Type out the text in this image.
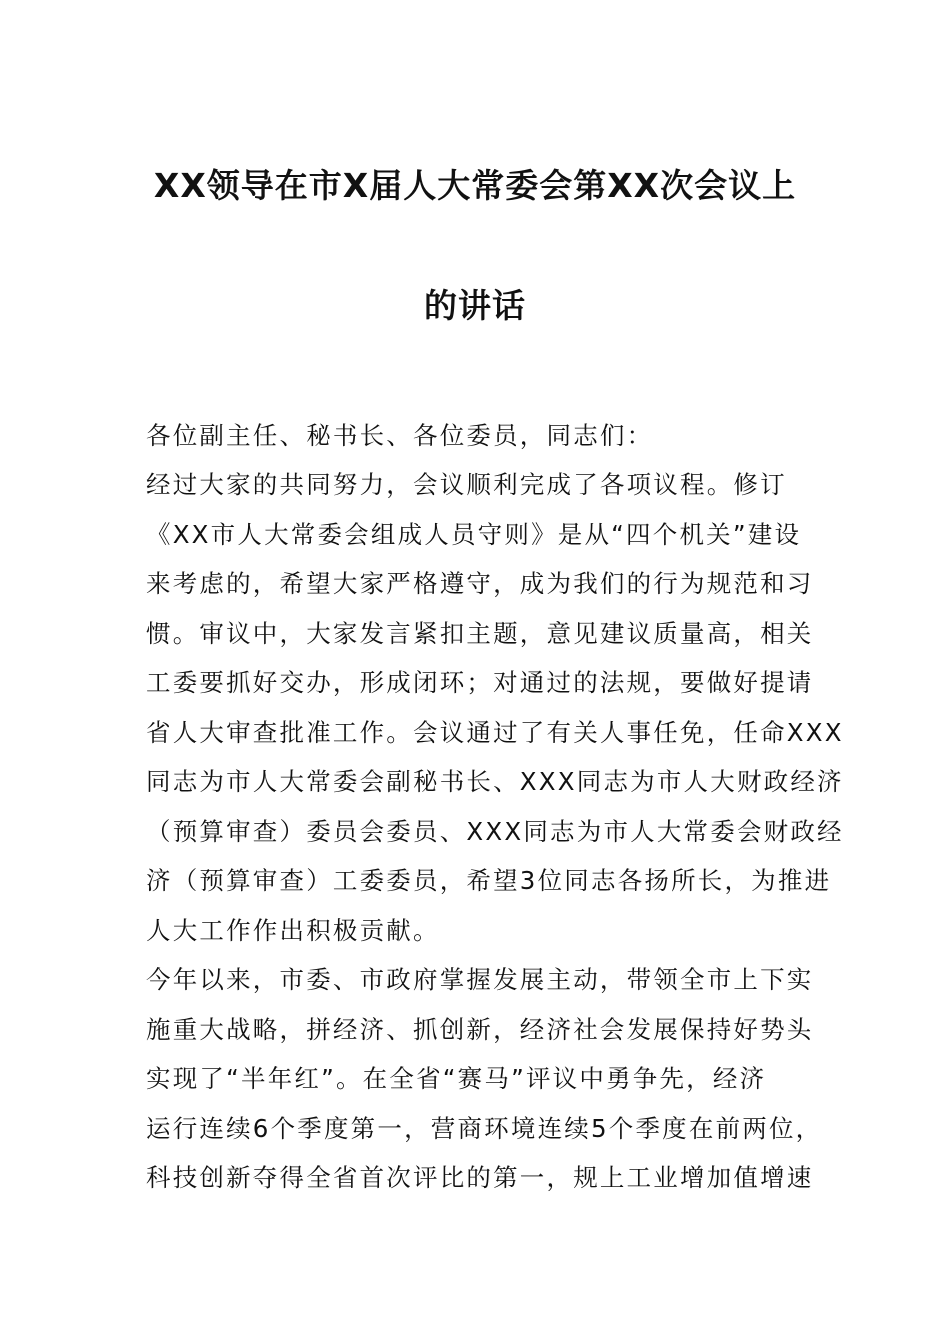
XX领导在市X届人大常委会第XX次会议上
的讲话

各位副主任、秘书长、各位委员，同志们：

经过大家的共同努力，会议顺利完成了各项议程。修订

《XX市人大常委会组成人员守则》是从“四个机关”建设

来考虑的，希望大家严格遵守，成为我们的行为规范和习

惯。审议中，大家发言紧扣主题，意见建议质量高，相关

工委要抓好交办，形成闭环；对通过的法规，要做好提请

省人大审查批准工作。会议通过了有关人事任免，任命XXX

同志为市人大常委会副秘书长、XXX同志为市人大财政经济

（预算审查）委员会委员、XXX同志为市人大常委会财政经

济（预算审查）工委委员，希望3位同志各扬所长，为推进

人大工作作出积极贡献。

今年以来，市委、市政府掌握发展主动，带领全市上下实

施重大战略，拼经济、抓创新，经济社会发展保持好势头

实现了“半年红”。在全省“赛马”评议中勇争先，经济

运行连续6个季度第一，营商环境连续5个季度在前两位，

科技创新夺得全省首次评比的第一，规上工业增加值增速
